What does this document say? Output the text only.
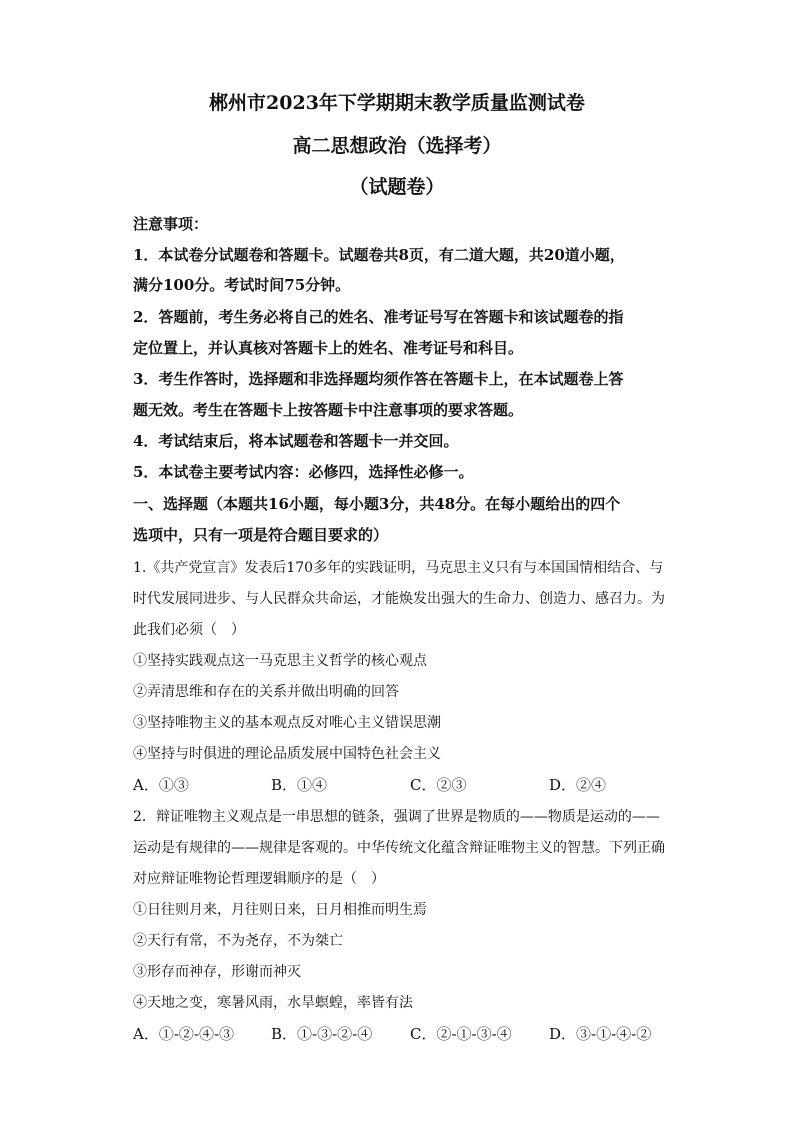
郴州市2023年下学期期末教学质量监测试卷
高二思想政治（选择考）
（试题卷）
注意事项：
1．本试卷分试题卷和答题卡。试题卷共8页，有二道大题，共20道小题，
满分100分。考试时间75分钟。
2．答题前，考生务必将自己的姓名、准考证号写在答题卡和该试题卷的指
定位置上，并认真核对答题卡上的姓名、准考证号和科目。
3．考生作答时，选择题和非选择题均须作答在答题卡上，在本试题卷上答
题无效。考生在答题卡上按答题卡中注意事项的要求答题。
4．考试结束后，将本试题卷和答题卡一并交回。
5．本试卷主要考试内容：必修四，选择性必修一。
一、选择题（本题共16小题，每小题3分，共48分。在每小题给出的四个
选项中，只有一项是符合题目要求的）
1.《共产党宣言》发表后170多年的实践证明，马克思主义只有与本国国情相结合、与
时代发展同进步、与人民群众共命运，才能焕发出强大的生命力、创造力、感召力。为
此我们必须（　）
①坚持实践观点这一马克思主义哲学的核心观点
②弄清思维和存在的关系并做出明确的回答
③坚持唯物主义的基本观点反对唯心主义错误思潮
④坚持与时俱进的理论品质发展中国特色社会主义
A．①③	B．①④	C．②③	D．②④
2．辩证唯物主义观点是一串思想的链条，强调了世界是物质的——物质是运动的——
运动是有规律的——规律是客观的。中华传统文化蕴含辩证唯物主义的智慧。下列正确
对应辩证唯物论哲理逻辑顺序的是（　）
①日往则月来，月往则日来，日月相推而明生焉
②天行有常，不为尧存，不为桀亡
③形存而神存，形谢而神灭
④天地之变，寒暑风雨，水旱螟蝗，率皆有法
A．①-②-④-③ B．①-③-②-④	C．②-①-③-④ D．③-①-④-②
